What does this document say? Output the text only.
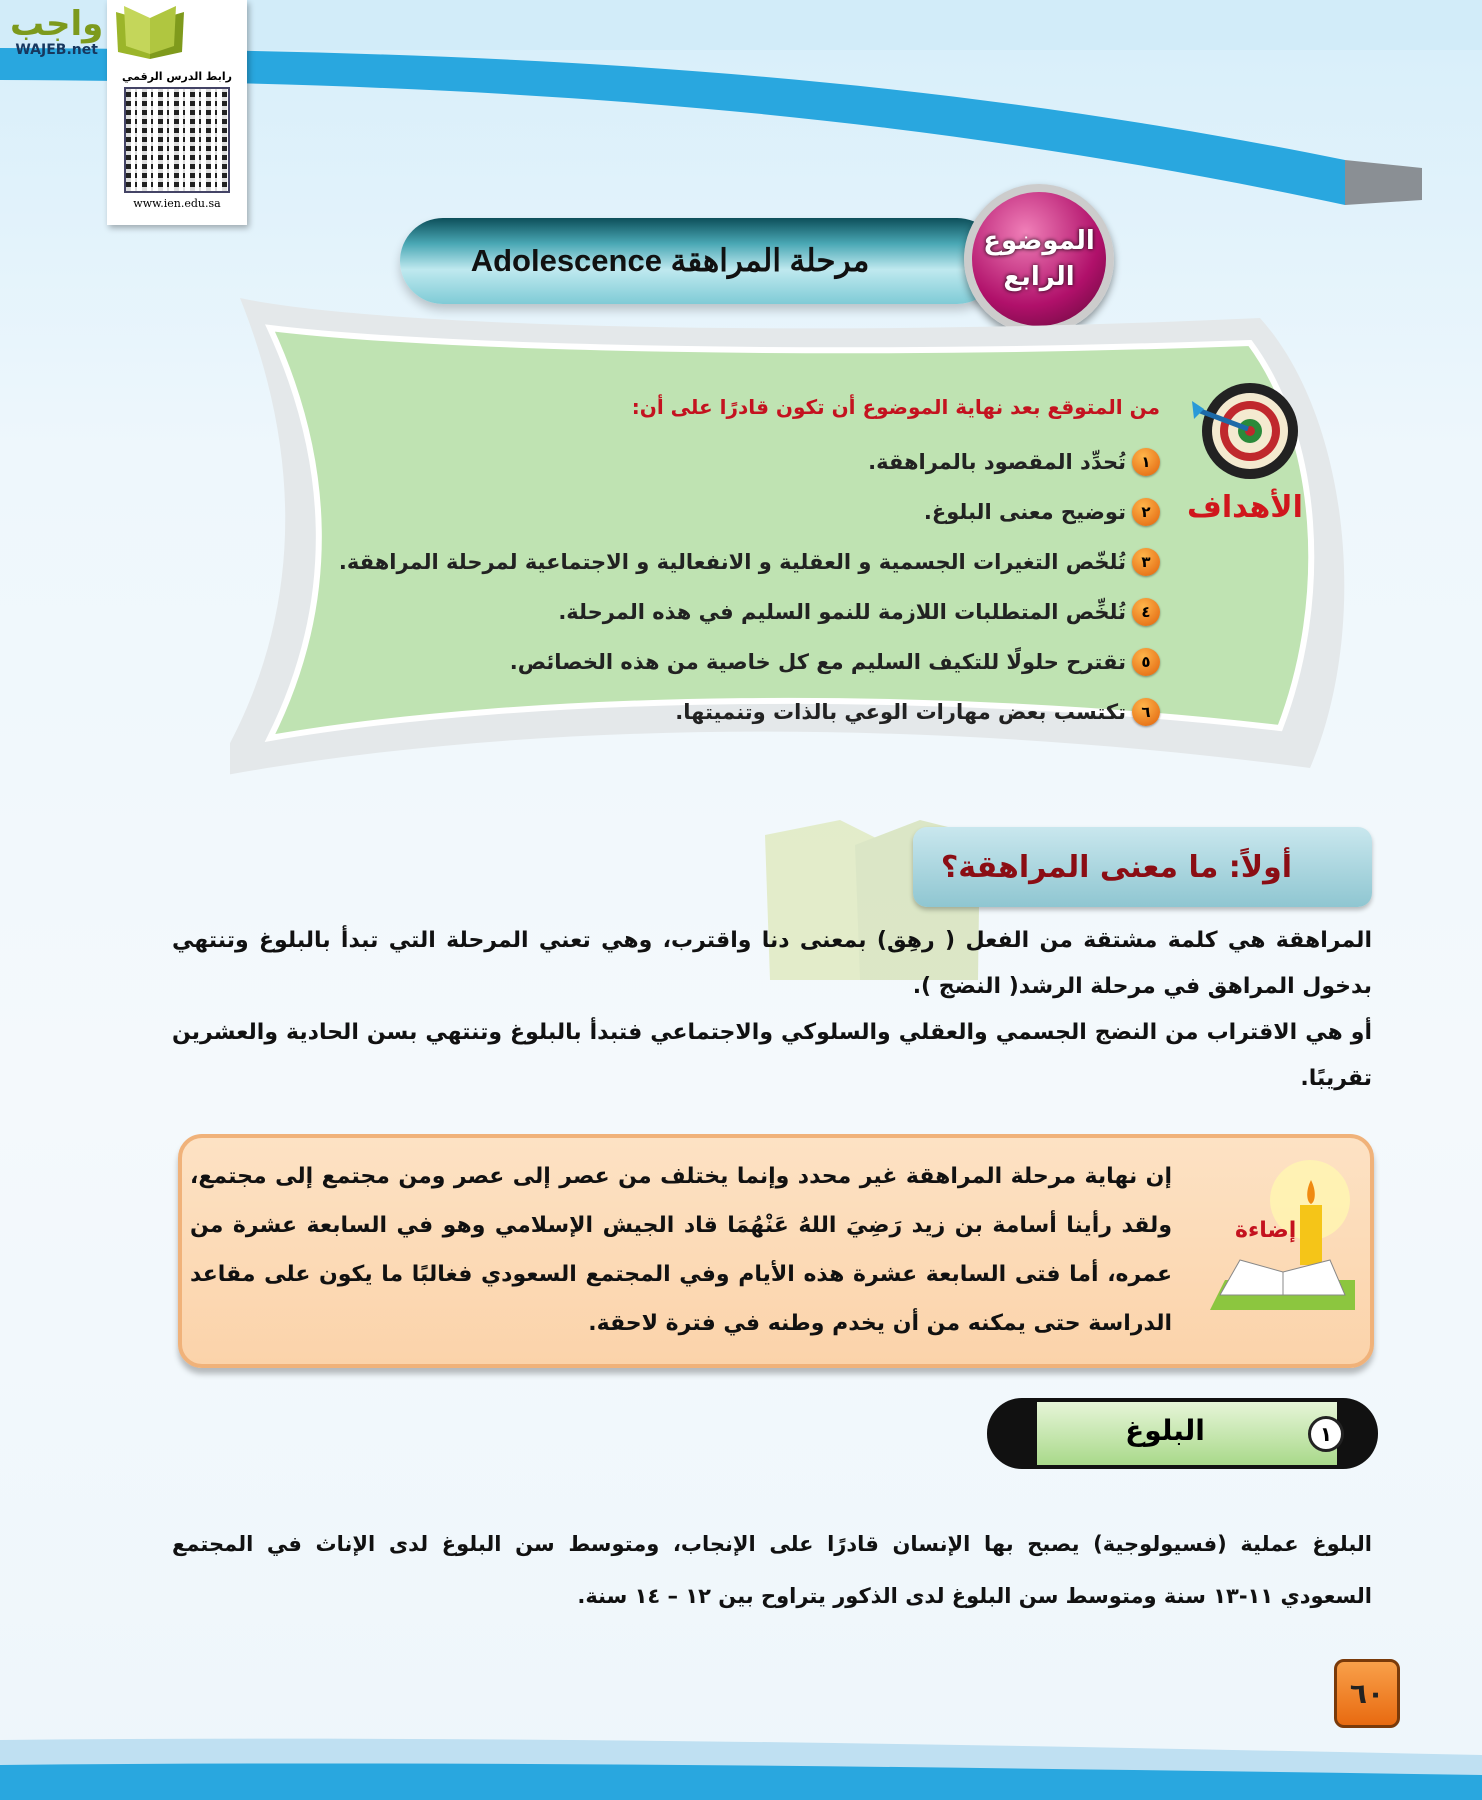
واجب
WAJEB.net
رابط الدرس الرقمي
www.ien.edu.sa
مرحلة المراهقة Adolescence
الموضوع
الرابع
الأهداف
من المتوقع بعد نهاية الموضوع أن تكون قادرًا على أن:
١
تُحدِّد المقصود بالمراهقة.
٢
توضيح معنى البلوغ.
٣
تُلخّص التغيرات الجسمية و العقلية و الانفعالية و الاجتماعية لمرحلة المراهقة.
٤
تُلخِّص المتطلبات اللازمة للنمو السليم في هذه المرحلة.
٥
تقترح حلولًا للتكيف السليم مع كل خاصية من هذه الخصائص.
٦
تكتسب بعض مهارات الوعي بالذات وتنميتها.
أولاً: ما معنى المراهقة؟

المراهقة هي كلمة مشتقة من الفعل ( رهِق) بمعنى دنا واقترب، وهي تعني المرحلة التي تبدأ بالبلوغ وتنتهي بدخول المراهق في مرحلة الرشد( النضج ).

أو هي الاقتراب من النضج الجسمي والعقلي والسلوكي والاجتماعي فتبدأ بالبلوغ وتنتهي بسن الحادية والعشرين تقريبًا.

إن نهاية مرحلة المراهقة غير محدد وإنما يختلف من عصر إلى عصر ومن مجتمع إلى مجتمع، ولقد رأينا أسامة بن زيد رَضِيَ اللهُ عَنْهُمَا قاد الجيش الإسلامي وهو في السابعة عشرة من عمره، أما فتى السابعة عشرة هذه الأيام وفي المجتمع السعودي فغالبًا ما يكون على مقاعد الدراسة حتى يمكنه من أن يخدم وطنه في فترة لاحقة.

إضاءة
البلوغ	١

البلوغ عملية (فسيولوجية) يصبح بها الإنسان قادرًا على الإنجاب، ومتوسط سن البلوغ لدى الإناث في المجتمع السعودي ١١-١٣ سنة ومتوسط سن البلوغ لدى الذكور يتراوح بين ١٢ – ١٤ سنة.

٦٠
